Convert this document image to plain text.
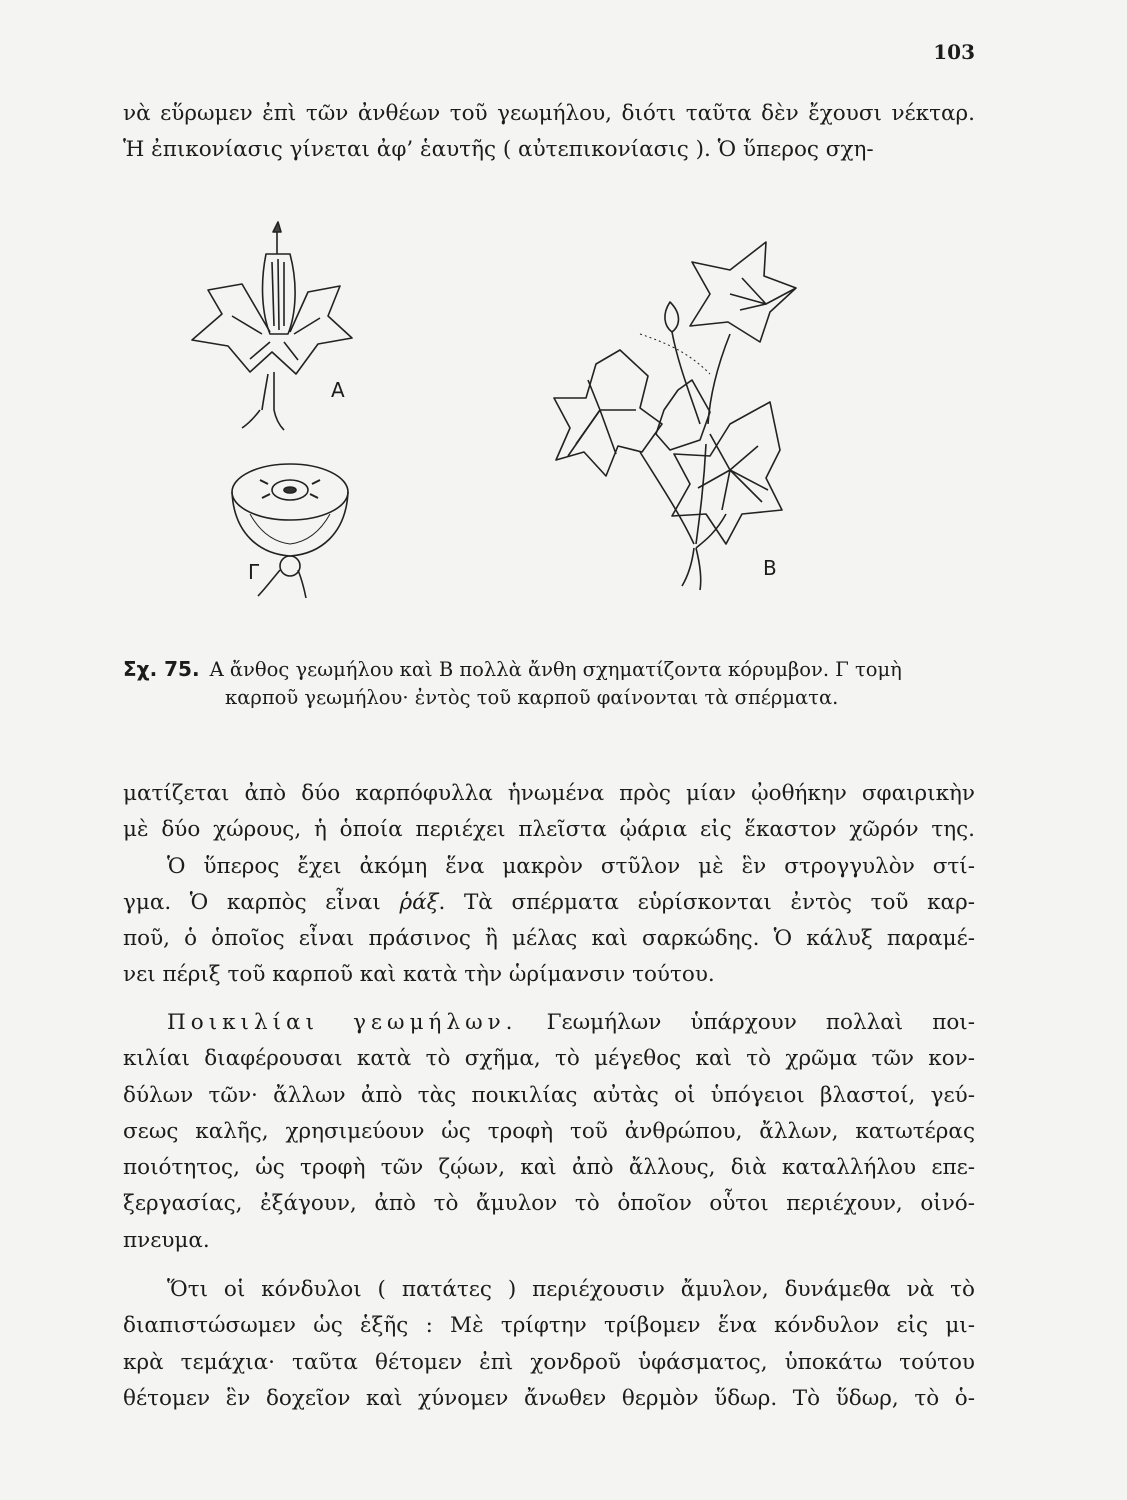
103

νὰ εὕρωμεν ἐπὶ τῶν ἀνθέων τοῦ γεωμήλου, διότι ταῦτα δὲν ἔχουσι νέκταρ.
Ἡ ἐπικονίασις γίνεται ἀφ’ ἑαυτῆς ( αὐτεπικονίασις ). Ὁ ὕπερος σχη-

Α
Β
Γ
Σχ. 75. Α ἄνθος γεωμήλου καὶ Β πολλὰ ἄνθη σχηματίζοντα κόρυμβον. Γ τομὴ
καρποῦ γεωμήλου· ἐντὸς τοῦ καρποῦ φαίνονται τὰ σπέρματα.

ματίζεται ἀπὸ δύο καρπόφυλλα ἡνωμένα πρὸς μίαν ᾠοθήκην σφαιρικὴν
μὲ δύο χώρους, ἡ ὁποία περιέχει πλεῖστα ᾠάρια εἰς ἕκαστον χῶρόν της.
Ὁ ὕπερος ἔχει ἀκόμη ἕνα μακρὸν στῦλον μὲ ἓν στρογγυλὸν στί-
γμα. Ὁ καρπὸς εἶναι ῥάξ. Τὰ σπέρματα εὑρίσκονται ἐντὸς τοῦ καρ-
ποῦ, ὁ ὁποῖος εἶναι πράσινος ἢ μέλας καὶ σαρκώδης. Ὁ κάλυξ παραμέ-
νει πέριξ τοῦ καρποῦ καὶ κατὰ τὴν ὡρίμανσιν τούτου.

Ποικιλίαι γεωμήλων. Γεωμήλων ὑπάρχουν πολλαὶ ποι-
κιλίαι διαφέρουσαι κατὰ τὸ σχῆμα, τὸ μέγεθος καὶ τὸ χρῶμα τῶν κον-
δύλων τῶν· ἄλλων ἀπὸ τὰς ποικιλίας αὐτὰς οἱ ὑπόγειοι βλαστοί, γεύ-
σεως καλῆς, χρησιμεύουν ὡς τροφὴ τοῦ ἀνθρώπου, ἄλλων, κατωτέρας
ποιότητος, ὡς τροφὴ τῶν ζῴων, καὶ ἀπὸ ἄλλους, διὰ καταλλήλου επε-
ξεργασίας, ἐξάγουν, ἀπὸ τὸ ἄμυλον τὸ ὁποῖον οὗτοι περιέχουν, οἰνό-
πνευμα.

Ὅτι οἱ κόνδυλοι ( πατάτες ) περιέχουσιν ἄμυλον, δυνάμεθα νὰ τὸ
διαπιστώσωμεν ὡς ἑξῆς : Μὲ τρίφτην τρίβομεν ἕνα κόνδυλον εἰς μι-
κρὰ τεμάχια· ταῦτα θέτομεν ἐπὶ χονδροῦ ὑφάσματος, ὑποκάτω τούτου
θέτομεν ἓν δοχεῖον καὶ χύνομεν ἄνωθεν θερμὸν ὕδωρ. Τὸ ὕδωρ, τὸ ὁ-
